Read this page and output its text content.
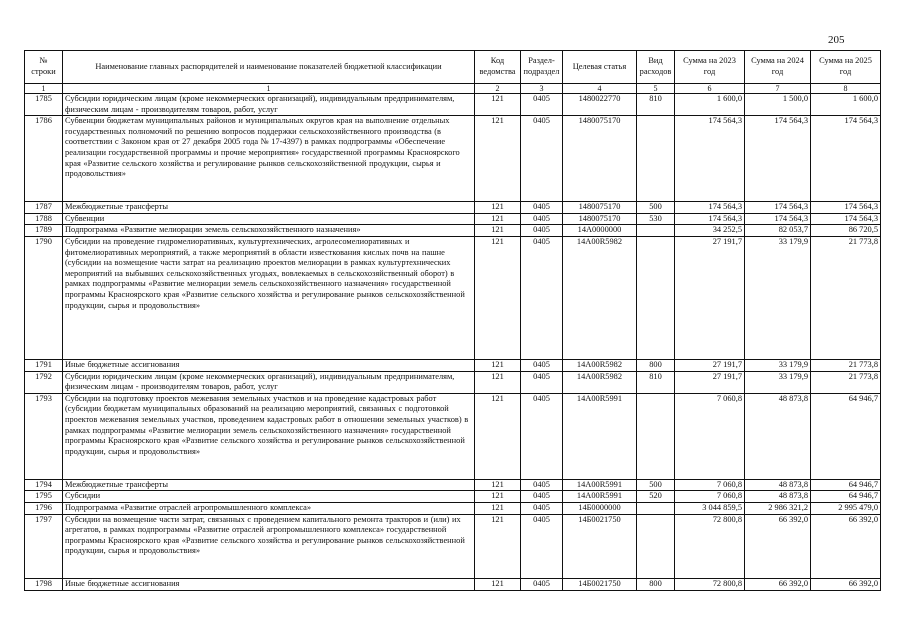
205
№ строки	Наименование главных распорядителей и наименование показателей бюджетной классификации	Код ведомства	Раздел-подраздел	Целевая статья	Вид расходов	Сумма на 2023 год	Сумма на 2024 год	Сумма на 2025 год
1	1	2	3	4	5	6	7	8
1785	Субсидии юридическим лицам (кроме некоммерческих организаций), индивидуальным предпринимателям, физическим лицам - производителям товаров, работ, услуг	121	0405	1480022770	810	1 600,0	1 500,0	1 600,0
1786	Субвенции бюджетам муниципальных районов и муниципальных округов края на выполнение отдельных государственных полномочий по решению вопросов поддержки сельскохозяйственного производства (в соответствии с Законом края от 27 декабря 2005 года № 17-4397) в рамках подпрограммы «Обеспечение реализации государственной программы и прочие мероприятия» государственной программы Красноярского края «Развитие сельского хозяйства и регулирование рынков сельскохозяйственной продукции, сырья и продовольствия»	121	0405	1480075170		174 564,3	174 564,3	174 564,3
1787	Межбюджетные трансферты	121	0405	1480075170	500	174 564,3	174 564,3	174 564,3
1788	Субвенции	121	0405	1480075170	530	174 564,3	174 564,3	174 564,3
1789	Подпрограмма «Развитие мелиорации земель сельскохозяйственного назначения»	121	0405	14А0000000		34 252,5	82 053,7	86 720,5
1790	Субсидии на проведение гидромелиоративных, культуртехнических, агролесомелиоративных и фитомелиоративных мероприятий, а также мероприятий в области известкования кислых почв на пашне (субсидии на возмещение части затрат на реализацию проектов мелиорации в рамках культуртехнических мероприятий на выбывших сельскохозяйственных угодьях, вовлекаемых в сельскохозяйственный оборот) в рамках подпрограммы «Развитие мелиорации земель сельскохозяйственного назначения» государственной программы Красноярского края «Развитие сельского хозяйства и регулирование рынков сельскохозяйственной продукции, сырья и продовольствия»	121	0405	14А00R5982		27 191,7	33 179,9	21 773,8
1791	Иные бюджетные ассигнования	121	0405	14А00R5982	800	27 191,7	33 179,9	21 773,8
1792	Субсидии юридическим лицам (кроме некоммерческих организаций), индивидуальным предпринимателям, физическим лицам - производителям товаров, работ, услуг	121	0405	14А00R5982	810	27 191,7	33 179,9	21 773,8
1793	Субсидии на подготовку проектов межевания земельных участков и на проведение кадастровых работ (субсидии бюджетам муниципальных образований на реализацию мероприятий, связанных с подготовкой проектов межевания земельных участков, проведением кадастровых работ в отношении земельных участков) в рамках подпрограммы «Развитие мелиорации земель сельскохозяйственного назначения» государственной программы Красноярского края «Развитие сельского хозяйства и регулирование рынков сельскохозяйственной продукции, сырья и продовольствия»	121	0405	14А00R5991		7 060,8	48 873,8	64 946,7
1794	Межбюджетные трансферты	121	0405	14А00R5991	500	7 060,8	48 873,8	64 946,7
1795	Субсидии	121	0405	14А00R5991	520	7 060,8	48 873,8	64 946,7
1796	Подпрограмма «Развитие отраслей агропромышленного комплекса»	121	0405	14Б0000000		3 044 859,5	2 986 321,2	2 995 479,0
1797	Субсидии на возмещение части затрат, связанных с проведением капитального ремонта тракторов и (или) их агрегатов, в рамках подпрограммы «Развитие отраслей агропромышленного комплекса» государственной программы Красноярского края «Развитие сельского хозяйства и регулирование рынков сельскохозяйственной продукции, сырья и продовольствия»	121	0405	14Б0021750		72 800,8	66 392,0	66 392,0
1798	Иные бюджетные ассигнования	121	0405	14Б0021750	800	72 800,8	66 392,0	66 392,0
